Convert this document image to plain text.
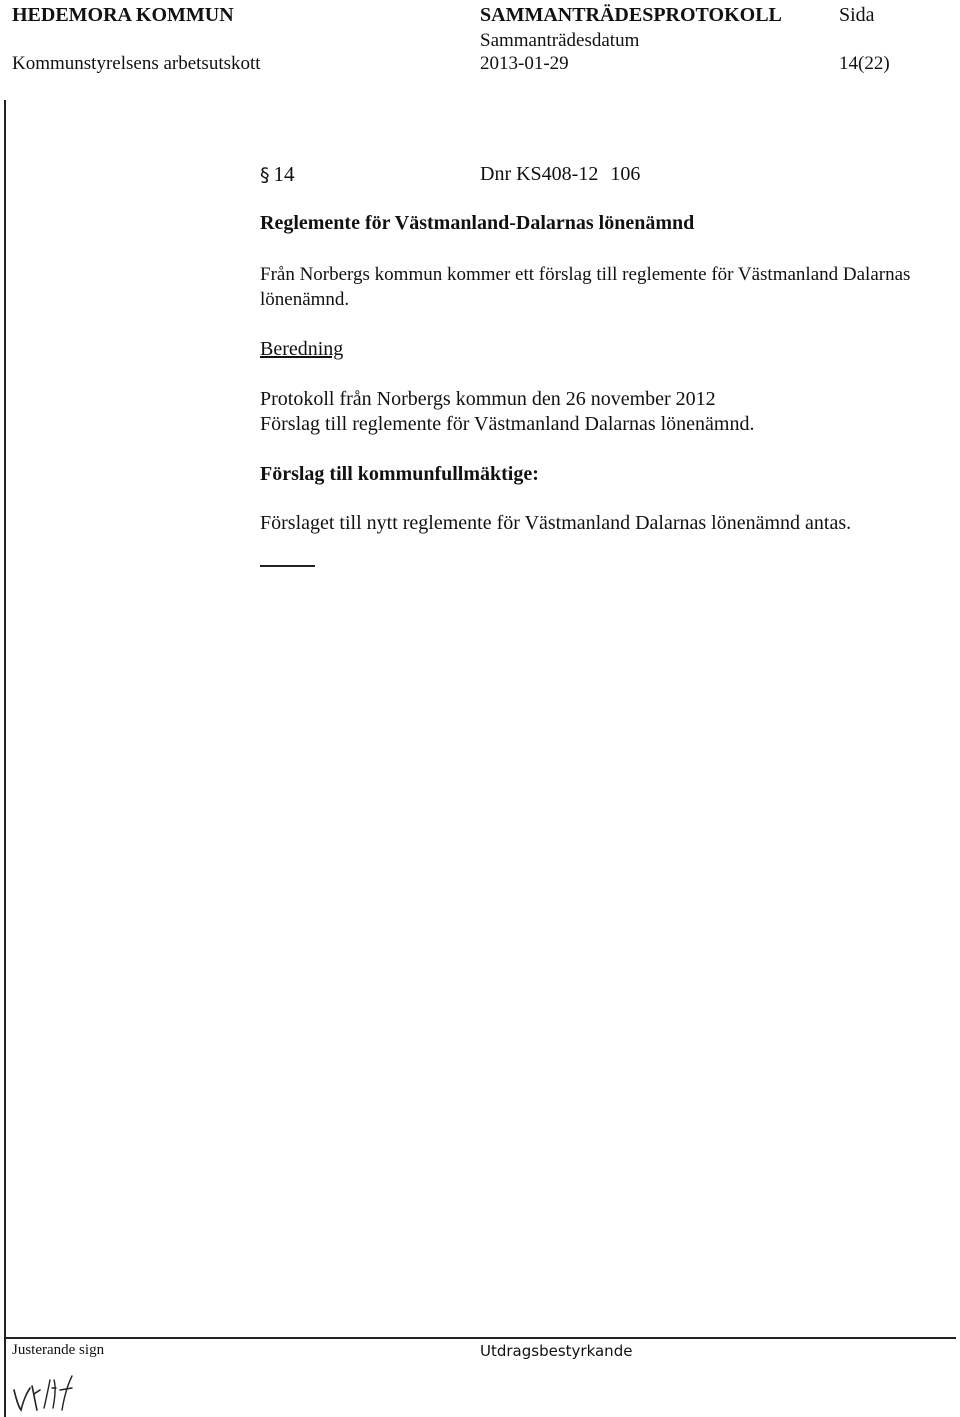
HEDEMORA KOMMUN
Kommunstyrelsens arbetsutskott
SAMMANTRÄDESPROTOKOLL
Sammanträdesdatum
2013-01-29
Sida
14(22)
§ 14	Dnr KS408-12 106
Reglemente för Västmanland-Dalarnas lönenämnd
Från Norbergs kommun kommer ett förslag till reglemente för Västmanland Dalarnas lönenämnd.
Beredning
Protokoll från Norbergs kommun den 26 november 2012
Förslag till reglemente för Västmanland Dalarnas lönenämnd.
Förslag till kommunfullmäktige:
Förslaget till nytt reglemente för Västmanland Dalarnas lönenämnd antas.
Justerande sign	Utdragsbestyrkande
